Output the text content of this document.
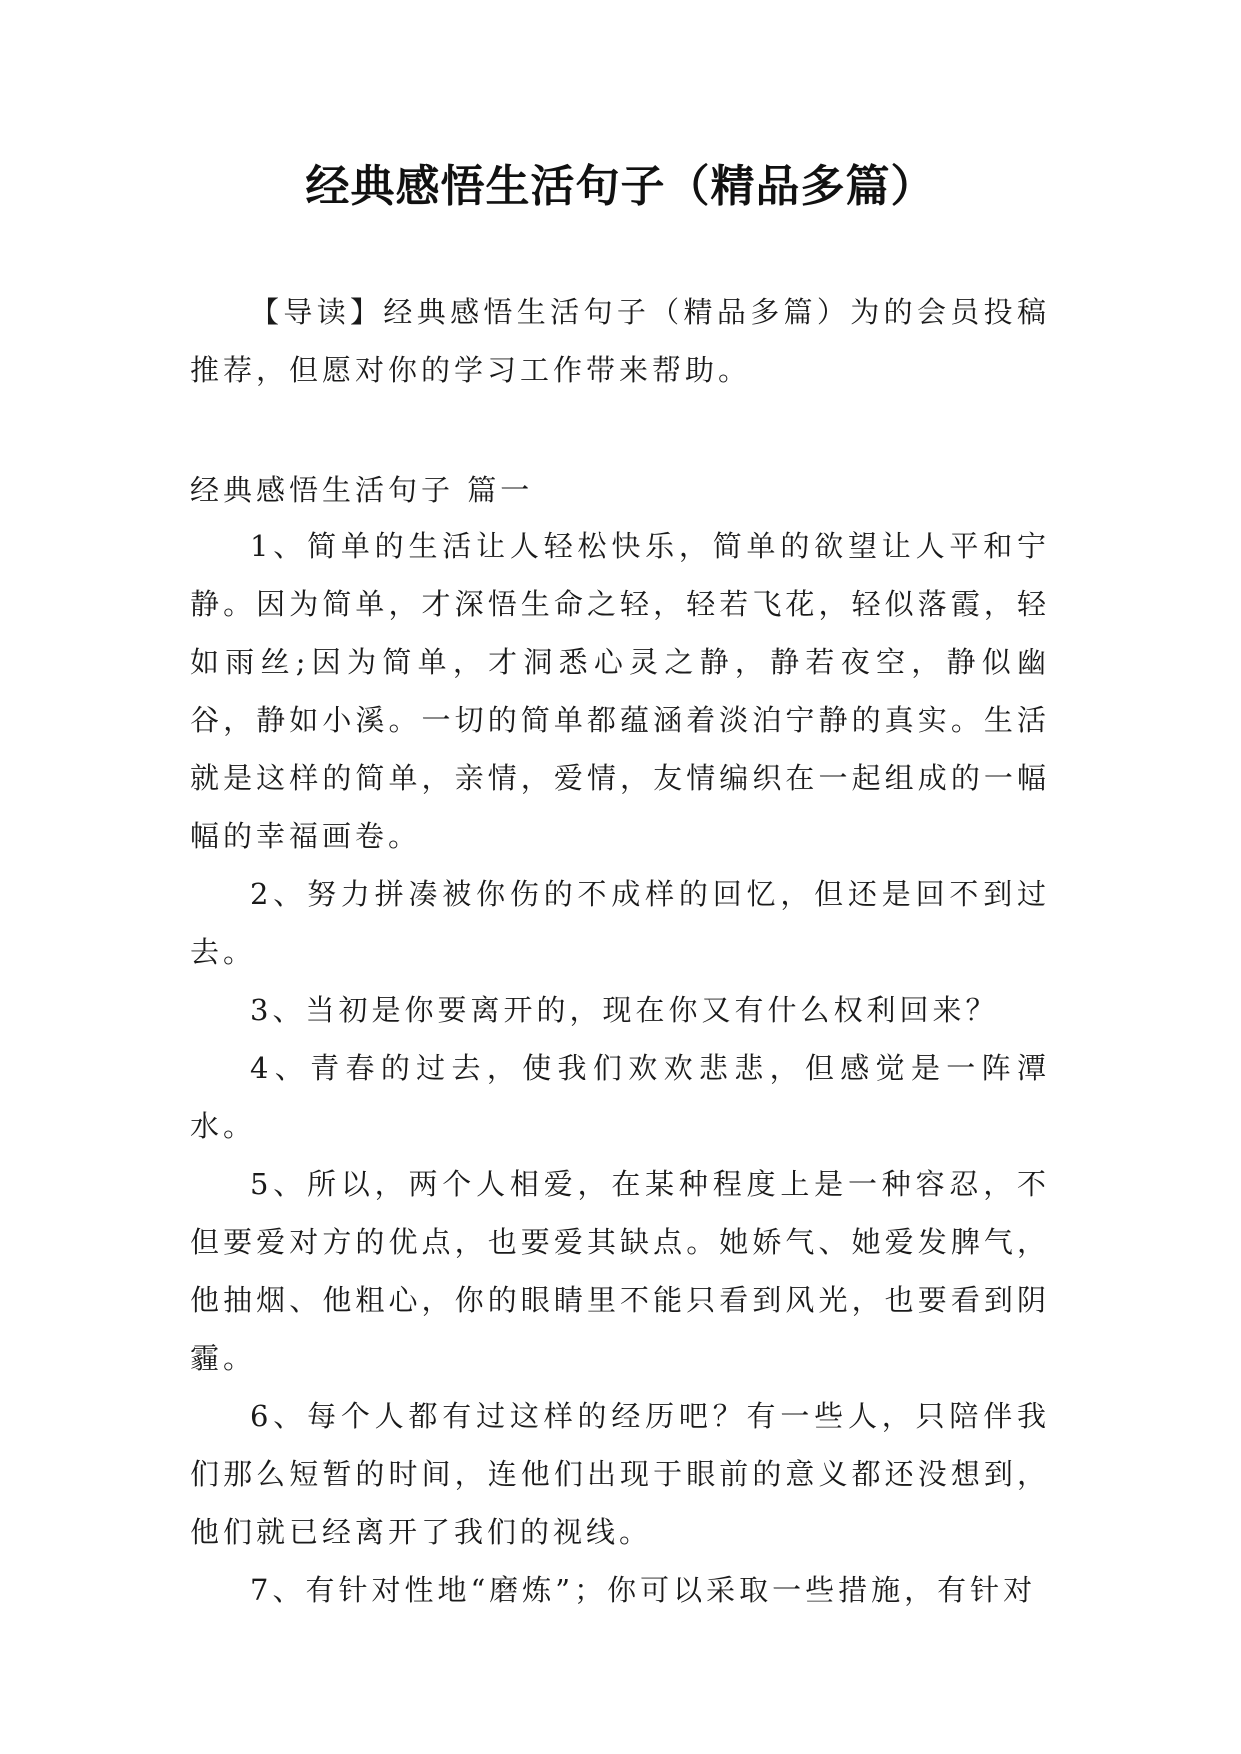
经典感悟生活句子（精品多篇）

【导读】经典感悟生活句子（精品多篇）为的会员投稿推荐，但愿对你的学习工作带来帮助。

经典感悟生活句子 篇一

1、简单的生活让人轻松快乐，简单的欲望让人平和宁静。因为简单，才深悟生命之轻，轻若飞花，轻似落霞，轻如雨丝;因为简单，才洞悉心灵之静，静若夜空，静似幽谷，静如小溪。一切的简单都蕴涵着淡泊宁静的真实。生活就是这样的简单，亲情，爱情，友情编织在一起组成的一幅幅的幸福画卷。

2、努力拼凑被你伤的不成样的回忆，但还是回不到过去。

3、当初是你要离开的，现在你又有什么权利回来？

4、青春的过去，使我们欢欢悲悲，但感觉是一阵潭水。

5、所以，两个人相爱，在某种程度上是一种容忍，不但要爱对方的优点，也要爱其缺点。她娇气、她爱发脾气，他抽烟、他粗心，你的眼睛里不能只看到风光，也要看到阴霾。

6、每个人都有过这样的经历吧？有一些人，只陪伴我们那么短暂的时间，连他们出现于眼前的意义都还没想到，他们就已经离开了我们的视线。

7、有针对性地“磨炼”；你可以采取一些措施，有针对
